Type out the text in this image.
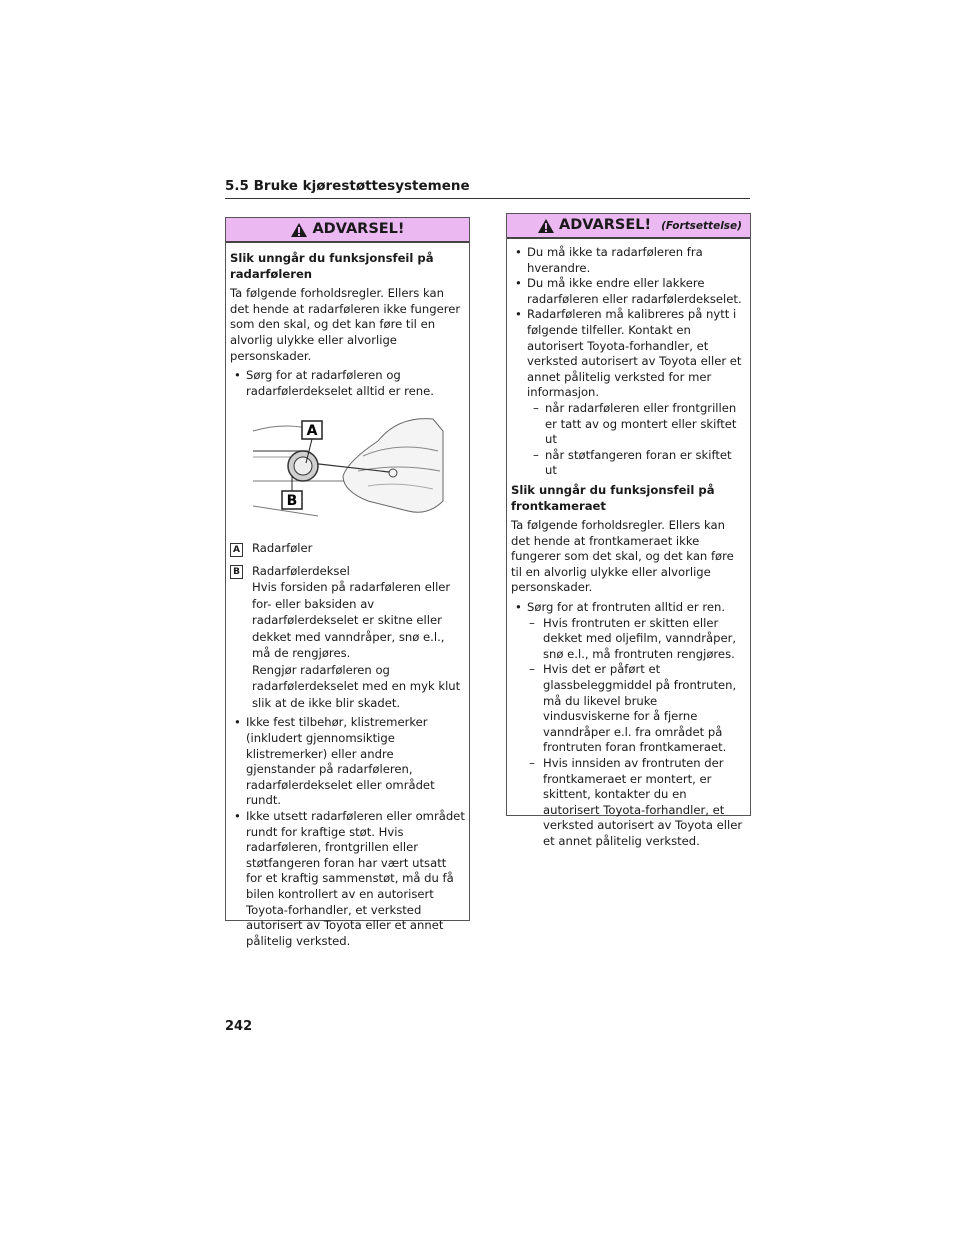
5.5 Bruke kjørestøttesystemene
ADVARSEL!
Slik unngår du funksjonsfeil på radarføleren

Ta følgende forholdsregler. Ellers kan det hende at radarføleren ikke fungerer som den skal, og det kan føre til en alvorlig ulykke eller alvorlige personskader.

• Sørg for at radarføleren og radarfølerdekselet alltid er rene.

A
B
A Radarføler
B Radarfølerdeksel
Hvis forsiden på radarføleren eller for- eller baksiden av radarfølerdekselet er skitne eller dekket med vanndråper, snø e.l., må de rengjøres.
Rengjør radarføleren og radarfølerdekselet med en myk klut slik at de ikke blir skadet.

• Ikke fest tilbehør, klistremerker (inkludert gjennomsiktige klistremerker) eller andre gjenstander på radarføleren, radarfølerdekselet eller området rundt.

• Ikke utsett radarføleren eller området rundt for kraftige støt. Hvis radarføleren, frontgrillen eller støtfangeren foran har vært utsatt for et kraftig sammenstøt, må du få bilen kontrollert av en autorisert Toyota-forhandler, et verksted autorisert av Toyota eller et annet pålitelig verksted.

ADVARSEL! (Fortsettelse)

• Du må ikke ta radarføleren fra hverandre.

• Du må ikke endre eller lakkere radarføleren eller radarfølerdekselet.

• Radarføleren må kalibreres på nytt i følgende tilfeller. Kontakt en autorisert Toyota-forhandler, et verksted autorisert av Toyota eller et annet pålitelig verksted for mer informasjon.

– når radarføleren eller frontgrillen er tatt av og montert eller skiftet ut

– når støtfangeren foran er skiftet ut

Slik unngår du funksjonsfeil på frontkameraet

Ta følgende forholdsregler. Ellers kan det hende at frontkameraet ikke fungerer som det skal, og det kan føre til en alvorlig ulykke eller alvorlige personskader.

• Sørg for at frontruten alltid er ren.

– Hvis frontruten er skitten eller dekket med oljefilm, vanndråper, snø e.l., må frontruten rengjøres.

– Hvis det er påført et glassbeleggmiddel på frontruten, må du likevel bruke vindusviskerne for å fjerne vanndråper e.l. fra området på frontruten foran frontkameraet.

– Hvis innsiden av frontruten der frontkameraet er montert, er skittent, kontakter du en autorisert Toyota-forhandler, et verksted autorisert av Toyota eller et annet pålitelig verksted.

242
